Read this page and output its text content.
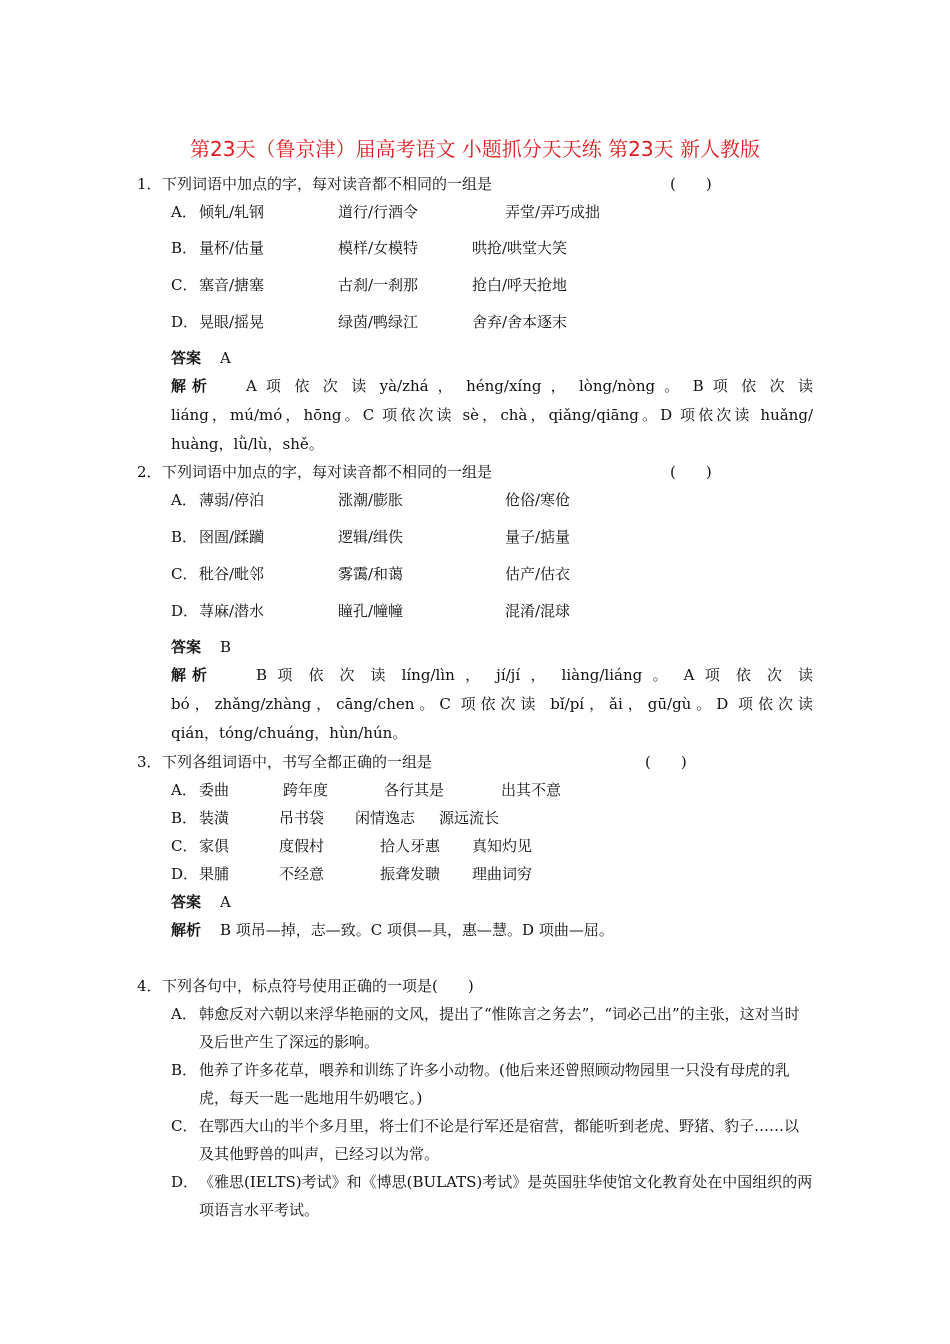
第23天（鲁京津）届高考语文 小题抓分天天练 第23天 新人教版
1． 下列词语中加点的字，每对读音都不相同的一组是	(　　)
A． 倾轧/轧钢	道行/行酒令	弄堂/弄巧成拙
B． 量杯/估量	模样/女模特	哄抢/哄堂大笑
C． 塞音/搪塞	古刹/一刹那	抢白/呼天抢地
D． 晃眼/摇晃	绿茵/鸭绿江	舍弃/舍本逐末
答案 A
解析 A 项 依 次 读 yà/zhá ， héng/xíng ， lòng/nòng 。 B 项 依 次 读
liáng，mú/mó，hōng。C 项依次读 sè，chà，qiǎng/qiāng。D 项依次读 huǎng/
huàng，lǜ/lù，shě。
2． 下列词语中加点的字，每对读音都不相同的一组是	(　　)
A． 薄弱/停泊	涨潮/膨胀	伧俗/寒伧
B． 囹圄/蹂躏	逻辑/缉佚	量子/掂量
C． 秕谷/毗邻	雾霭/和蔼	估产/估衣
D． 荨麻/潜水	瞳孔/幢幢	混淆/混球
答案 B
解析	B 项 依 次 读 líng/lìn ， jí/jí ， liàng/liáng 。 A 项 依 次 读
bó，zhǎng/zhàng，cāng/chen。C 项依次读 bǐ/pí，ǎi，gū/gù。D 项依次读
qián，tóng/chuáng，hùn/hún。
3． 下列各组词语中，书写全都正确的一组是	(　　)
A． 委曲	跨年度	各行其是	出其不意
B． 装潢	吊书袋 闲情逸志 源远流长
C． 家俱	度假村	拾人牙惠 真知灼见
D． 果脯	不经意	振聋发聩 理曲词穷
答案 A
解析 B 项吊—掉，志—致。C 项俱—具，惠—慧。D 项曲—屈。
4． 下列各句中，标点符号使用正确的一项是(　　)
A． 韩愈反对六朝以来浮华艳丽的文风，提出了“惟陈言之务去”，“词必己出”的主张，这对当时及后世产生了深远的影响。
B． 他养了许多花草，喂养和训练了许多小动物。(他后来还曾照顾动物园里一只没有母虎的乳虎，每天一匙一匙地用牛奶喂它。)
C． 在鄂西大山的半个多月里，将士们不论是行军还是宿营，都能听到老虎、野猪、豹子……以及其他野兽的叫声，已经习以为常。
D． 《雅思(IELTS)考试》和《博思(BULATS)考试》是英国驻华使馆文化教育处在中国组织的两项语言水平考试。
